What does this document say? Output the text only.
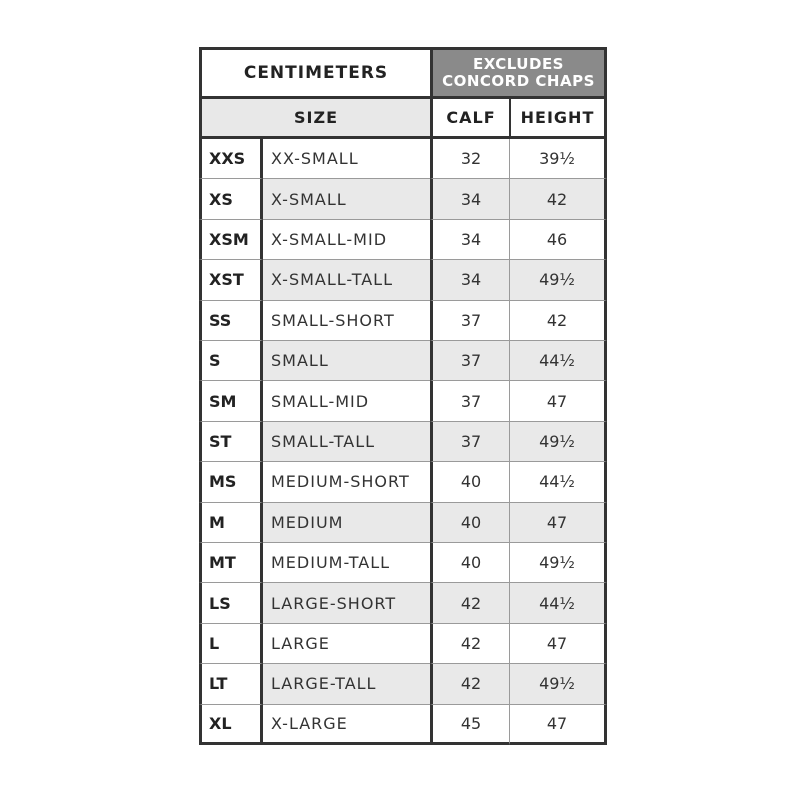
CENTIMETERS	EXCLUDES
CONCORD CHAPS
SIZE	CALF	HEIGHT
XXS	XX-SMALL	32	39½
XS	X-SMALL	34	42
XSM	X-SMALL-MID	34	46
XST	X-SMALL-TALL	34	49½
SS	SMALL-SHORT	37	42
S	SMALL	37	44½
SM	SMALL-MID	37	47
ST	SMALL-TALL	37	49½
MS	MEDIUM-SHORT	40	44½
M	MEDIUM	40	47
MT	MEDIUM-TALL	40	49½
LS	LARGE-SHORT	42	44½
L	LARGE	42	47
LT	LARGE-TALL	42	49½
XL	X-LARGE	45	47
